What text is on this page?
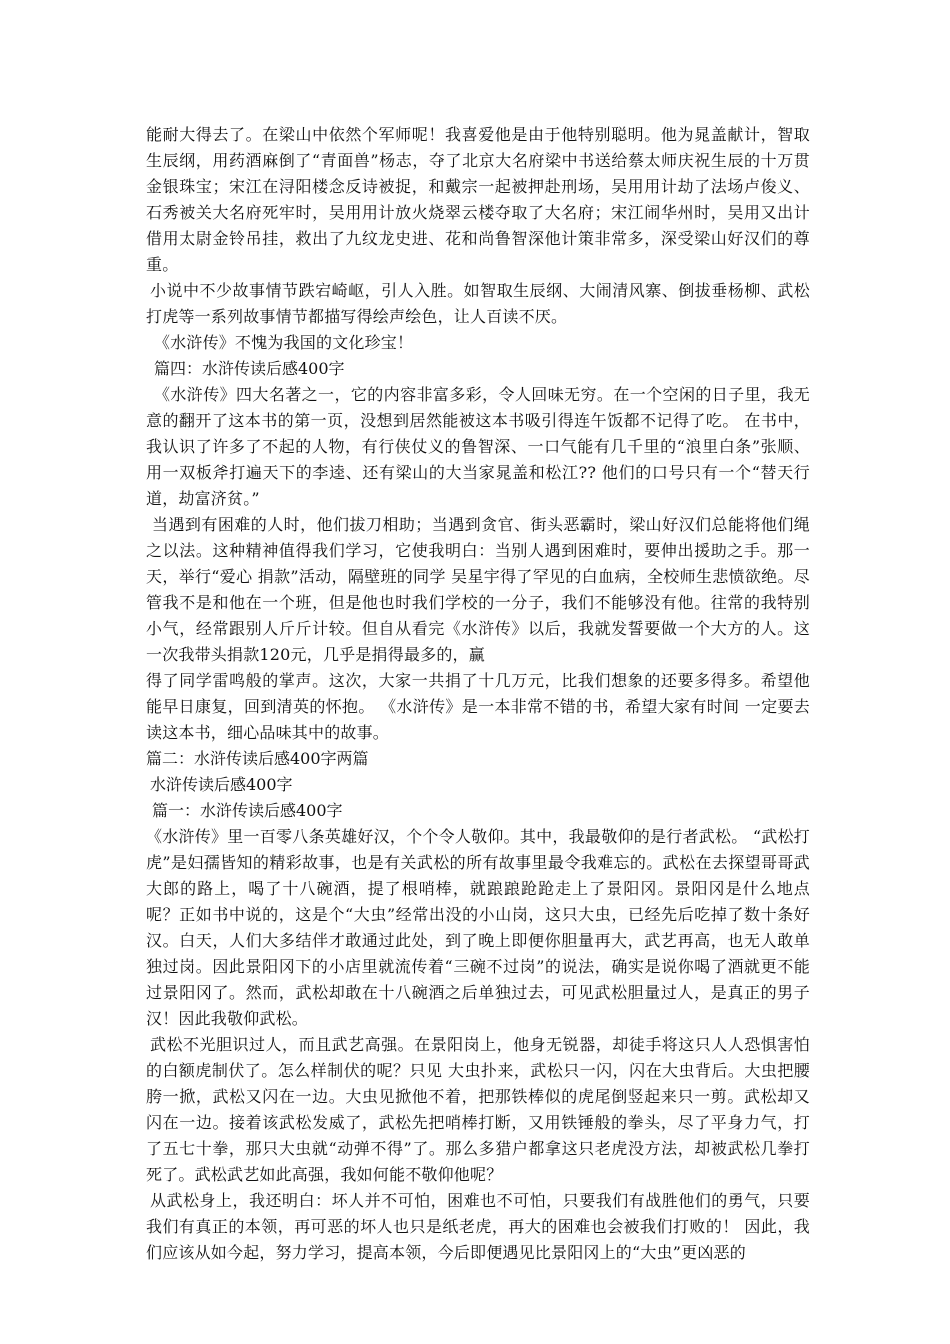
能耐大得去了。在梁山中依然个军师呢！我喜爱他是由于他特别聪明。他为晁盖献计，智取生辰纲，用药酒麻倒了“青面兽”杨志，夺了北京大名府梁中书送给蔡太师庆祝生辰的十万贯金银珠宝；宋江在浔阳楼念反诗被捉，和戴宗一起被押赴刑场，吴用用计劫了法场卢俊义、石秀被关大名府死牢时，吴用用计放火烧翠云楼夺取了大名府；宋江闹华州时，吴用又出计借用太尉金铃吊挂，救出了九纹龙史进、花和尚鲁智深他计策非常多，深受梁山好汉们的尊重。

小说中不少故事情节跌宕崎岖，引人入胜。如智取生辰纲、大闹清风寨、倒拔垂杨柳、武松打虎等一系列故事情节都描写得绘声绘色，让人百读不厌。

《水浒传》不愧为我国的文化珍宝！

篇四：水浒传读后感400字

《水浒传》四大名著之一，它的内容非富多彩，令人回味无穷。在一个空闲的日子里，我无意的翻开了这本书的第一页，没想到居然能被这本书吸引得连午饭都不记得了吃。 在书中，我认识了许多了不起的人物，有行侠仗义的鲁智深、一口气能有几千里的“浪里白条”张顺、用一双板斧打遍天下的李逵、还有梁山的大当家晁盖和松江?? 他们的口号只有一个“替天行道，劫富济贫。”

当遇到有困难的人时，他们拔刀相助；当遇到贪官、街头恶霸时，梁山好汉们总能将他们绳之以法。这种精神值得我们学习，它使我明白：当别人遇到困难时，要伸出援助之手。那一天，举行“爱心 捐款”活动，隔壁班的同学 吴星宇得了罕见的白血病，全校师生悲愤欲绝。尽管我不是和他在一个班，但是他也时我们学校的一分子，我们不能够没有他。往常的我特别小气，经常跟别人斤斤计较。但自从看完《水浒传》以后，我就发誓要做一个大方的人。这一次我带头捐款120元，几乎是捐得最多的，赢

得了同学雷鸣般的掌声。这次，大家一共捐了十几万元，比我们想象的还要多得多。希望他能早日康复，回到清英的怀抱。 《水浒传》是一本非常不错的书，希望大家有时间 一定要去读这本书，细心品味其中的故事。

篇二：水浒传读后感400字两篇

水浒传读后感400字

篇一：水浒传读后感400字

《水浒传》里一百零八条英雄好汉，个个令人敬仰。其中，我最敬仰的是行者武松。 “武松打虎”是妇孺皆知的精彩故事，也是有关武松的所有故事里最令我难忘的。武松在去探望哥哥武大郎的路上，喝了十八碗酒，提了根哨棒，就踉踉跄跄走上了景阳冈。景阳冈是什么地点呢？正如书中说的，这是个“大虫”经常出没的小山岗，这只大虫，已经先后吃掉了数十条好汉。白天，人们大多结伴才敢通过此处，到了晚上即便你胆量再大，武艺再高，也无人敢单独过岗。因此景阳冈下的小店里就流传着“三碗不过岗”的说法，确实是说你喝了酒就更不能过景阳冈了。然而，武松却敢在十八碗酒之后单独过去，可见武松胆量过人，是真正的男子汉！因此我敬仰武松。

武松不光胆识过人，而且武艺高强。在景阳岗上，他身无锐器，却徒手将这只人人恐惧害怕的白额虎制伏了。怎么样制伏的呢？只见 大虫扑来，武松只一闪，闪在大虫背后。大虫把腰胯一掀，武松又闪在一边。大虫见掀他不着，把那铁棒似的虎尾倒竖起来只一剪。武松却又闪在一边。接着该武松发威了，武松先把哨棒打断，又用铁锤般的拳头，尽了平身力气，打了五七十拳，那只大虫就“动弹不得”了。那么多猎户都拿这只老虎没方法，却被武松几拳打死了。武松武艺如此高强，我如何能不敬仰他呢？

从武松身上，我还明白：坏人并不可怕，困难也不可怕，只要我们有战胜他们的勇气，只要我们有真正的本领，再可恶的坏人也只是纸老虎，再大的困难也会被我们打败的！ 因此，我们应该从如今起，努力学习，提高本领，今后即便遇见比景阳冈上的“大虫”更凶恶的
